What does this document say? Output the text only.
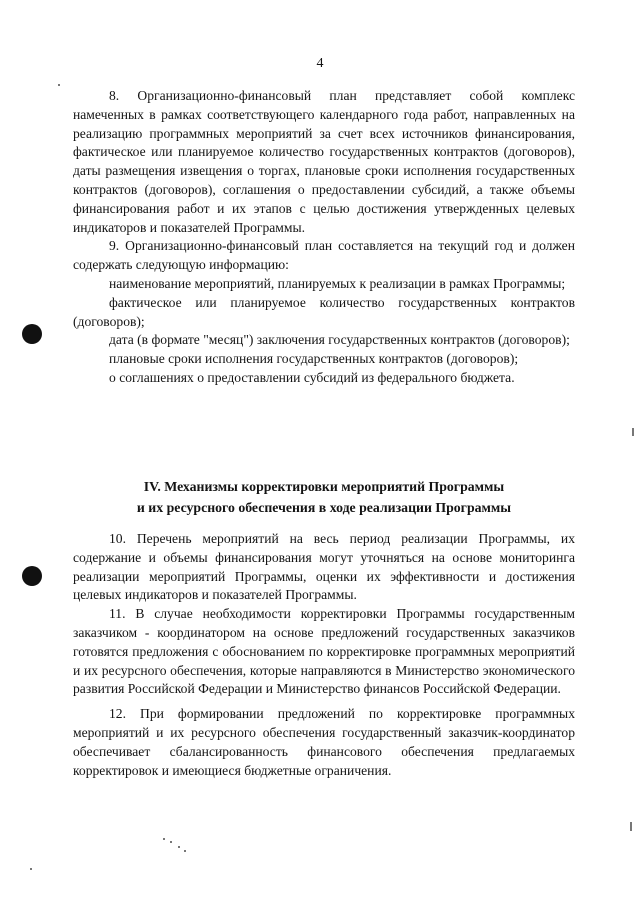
4

8. Организационно-финансовый план представляет собой комплекс намеченных в рамках соответствующего календарного года работ, направленных на реализацию программных мероприятий за счет всех источников финансирования, фактическое или планируемое количество государственных контрактов (договоров), даты размещения извещения о торгах, плановые сроки исполнения государственных контрактов (договоров), соглашения о предоставлении субсидий, а также объемы финансирования работ и их этапов с целью достижения утвержденных целевых индикаторов и показателей Программы.

9. Организационно-финансовый план составляется на текущий год и должен содержать следующую информацию:

наименование мероприятий, планируемых к реализации в рамках Программы;

фактическое или планируемое количество государственных контрактов (договоров);

дата (в формате "месяц") заключения государственных контрактов (договоров);

плановые сроки исполнения государственных контрактов (договоров);

о соглашениях о предоставлении субсидий из федерального бюджета.

IV. Механизмы корректировки мероприятий Программы
и их ресурсного обеспечения в ходе реализации Программы

10. Перечень мероприятий на весь период реализации Программы, их содержание и объемы финансирования могут уточняться на основе мониторинга реализации мероприятий Программы, оценки их эффективности и достижения целевых индикаторов и показателей Программы.

11. В случае необходимости корректировки Программы государственным заказчиком - координатором на основе предложений государственных заказчиков готовятся предложения с обоснованием по корректировке программных мероприятий и их ресурсного обеспечения, которые направляются в Министерство экономического развития Российской Федерации и Министерство финансов Российской Федерации.

12. При формировании предложений по корректировке программных мероприятий и их ресурсного обеспечения государственный заказчик-координатор обеспечивает сбалансированность финансового обеспечения предлагаемых корректировок и имеющиеся бюджетные ограничения.
